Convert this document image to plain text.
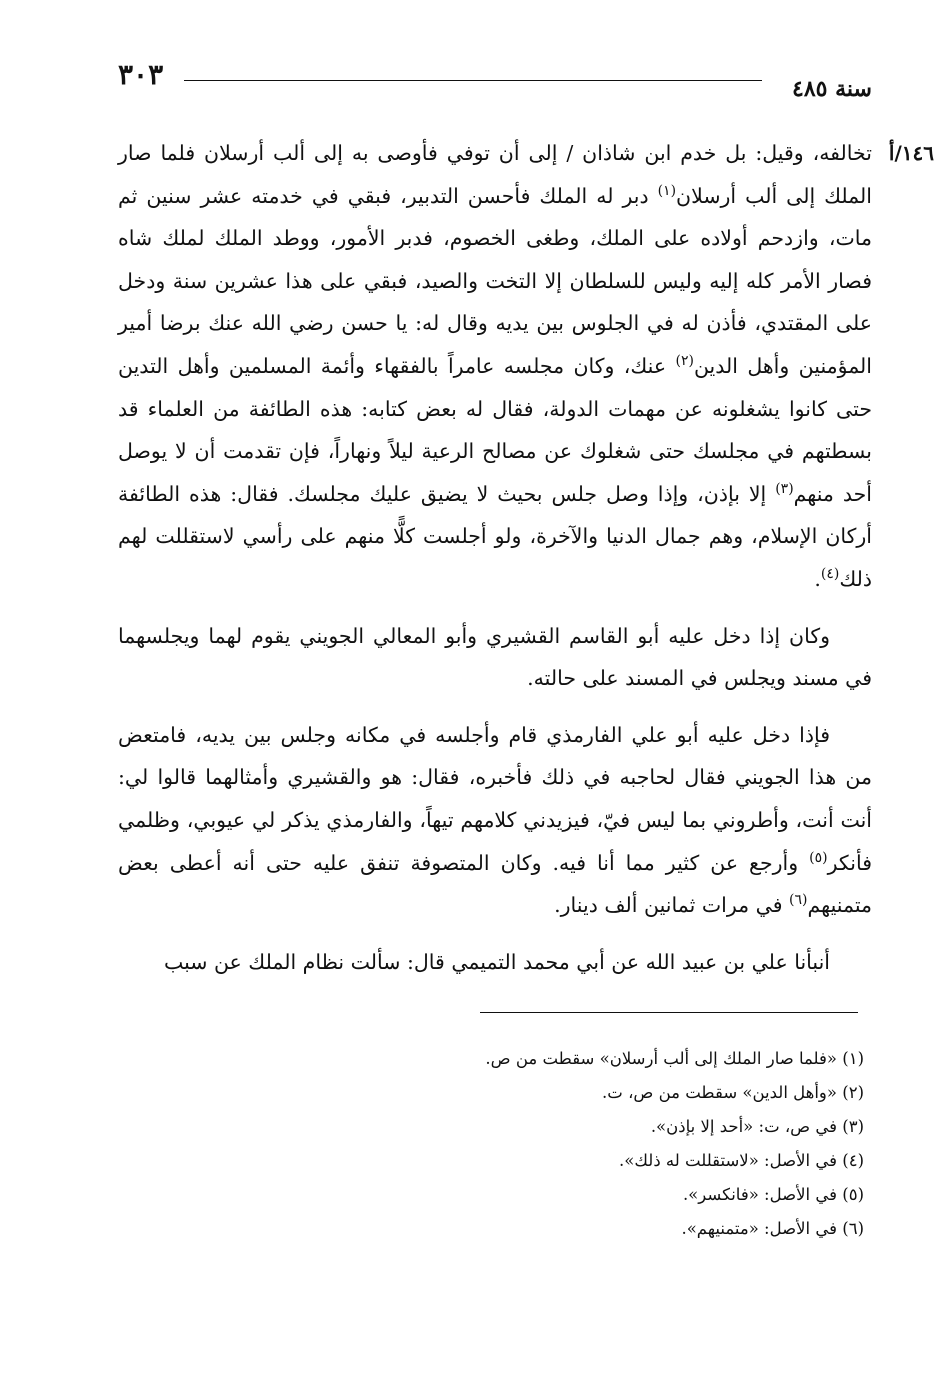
٣٠٣	سنة ٤٨٥
١٤٦/أ

تخالفه، وقيل: بل خدم ابن شاذان / إلى أن توفي فأوصى به إلى ألب أرسلان فلما صار الملك إلى ألب أرسلان$^{(١)}$ دبر له الملك فأحسن التدبير، فبقي في خدمته عشر سنين ثم مات، وازدحم أولاده على الملك، وطغى الخصوم، فدبر الأمور، ووطد الملك لملك شاه فصار الأمر كله إليه وليس للسلطان إلا التخت والصيد، فبقي على هذا عشرين سنة ودخل على المقتدي، فأذن له في الجلوس بين يديه وقال له: يا حسن رضي الله عنك برضا أمير المؤمنين وأهل الدين$^{(٢)}$ عنك، وكان مجلسه عامراً بالفقهاء وأئمة المسلمين وأهل التدين حتى كانوا يشغلونه عن مهمات الدولة، فقال له بعض كتابه: هذه الطائفة من العلماء قد بسطتهم في مجلسك حتى شغلوك عن مصالح الرعية ليلاً ونهاراً، فإن تقدمت أن لا يوصل أحد منهم$^{(٣)}$ إلا بإذن، وإذا وصل جلس بحيث لا يضيق عليك مجلسك. فقال: هذه الطائفة أركان الإسلام، وهم جمال الدنيا والآخرة، ولو أجلست كلًّا منهم على رأسي لاستقللت لهم ذلك$^{(٤)}$.

وكان إذا دخل عليه أبو القاسم القشيري وأبو المعالي الجويني يقوم لهما ويجلسهما في مسند ويجلس في المسند على حالته.

فإذا دخل عليه أبو علي الفارمذي قام وأجلسه في مكانه وجلس بين يديه، فامتعض من هذا الجويني فقال لحاجبه في ذلك فأخبره، فقال: هو والقشيري وأمثالهما قالوا لي: أنت أنت، وأطروني بما ليس فيّ، فيزيدني كلامهم تيهاً، والفارمذي يذكر لي عيوبي، وظلمي فأنكر$^{(٥)}$ وأرجع عن كثير مما أنا فيه. وكان المتصوفة تنفق عليه حتى أنه أعطى بعض متمنيهم$^{(٦)}$ في مرات ثمانين ألف دينار.

أنبأنا علي بن عبيد الله عن أبي محمد التميمي قال: سألت نظام الملك عن سبب

(١) «فلما صار الملك إلى ألب أرسلان» سقطت من ص.
(٢) «وأهل الدين» سقطت من ص، ت.
(٣) في ص، ت: «أحد إلا بإذن».
(٤) في الأصل: «لاستقللت له ذلك».
(٥) في الأصل: «فانكسر».
(٦) في الأصل: «متمنيهم».
